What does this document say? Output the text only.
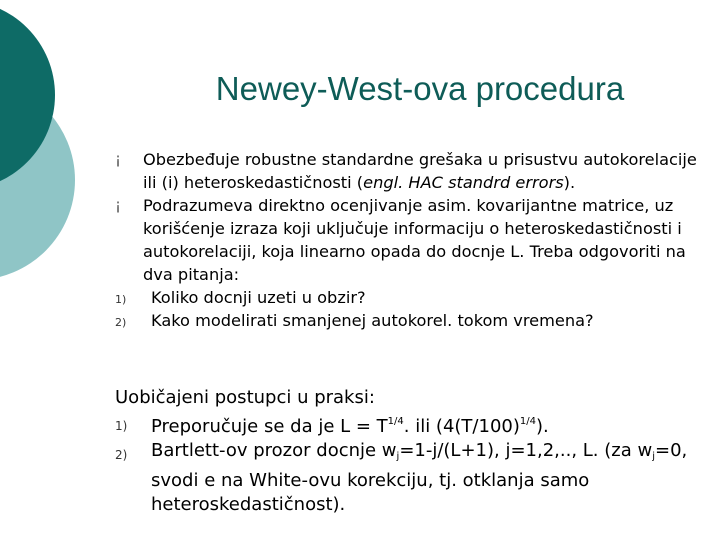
Newey-West-ova procedura
¡	Obezbeđuje robustne standardne grešaka u prisustvu autokorelacije ili (i) heteroskedastičnosti (engl. HAC standrd errors).
¡	Podrazumeva direktno ocenjivanje asim. kovarijantne matrice, uz korišćenje izraza koji uključuje informaciju o heteroskedastičnosti i autokorelaciji, koja linearno opada do docnje L. Treba odgovoriti na dva pitanja:
1)	Koliko docnji uzeti u obzir?
2)	Kako modelirati smanjenej autokorel. tokom vremena?
Uobičajeni postupci u praksi:
1)	Preporučuje se da je $L = T^{1/4}$. ili $(4(T/100)^{1/4})$.
2)	Bartlett-ov prozor docnje $w_j=1-j/(L+1)$, j=1,2,.., L. (za $w_j=0$, svodi e na White-ovu korekciju, tj. otklanja samo heteroskedastičnost).
